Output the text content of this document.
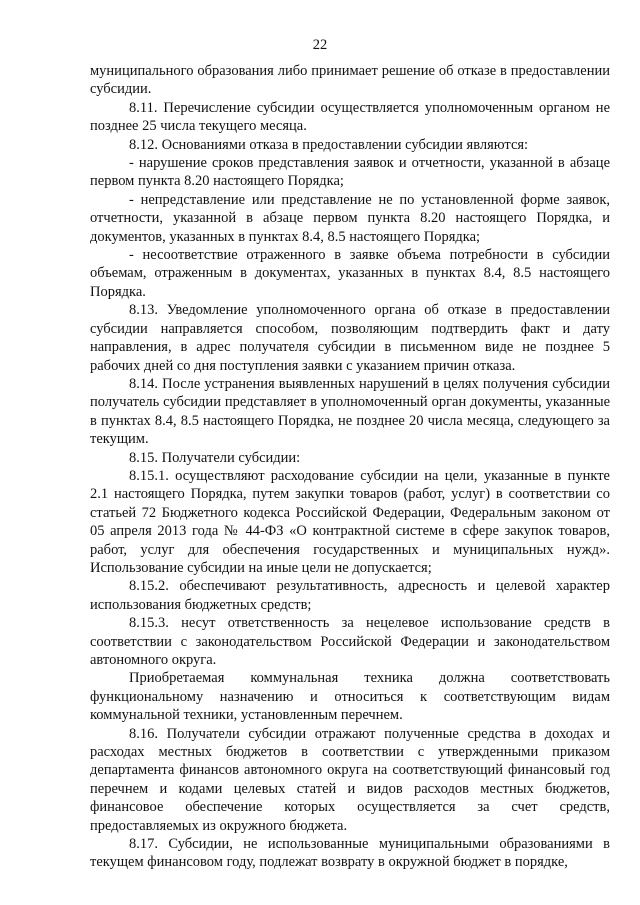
22

муниципального образования либо принимает решение об отказе в предоставлении субсидии.

8.11. Перечисление субсидии осуществляется уполномоченным органом не позднее 25 числа текущего месяца.

8.12. Основаниями отказа в предоставлении субсидии являются:

- нарушение сроков представления заявок и отчетности, указанной в абзаце первом пункта 8.20 настоящего Порядка;

- непредставление или представление не по установленной форме заявок, отчетности, указанной в абзаце первом пункта 8.20 настоящего Порядка, и документов, указанных в пунктах 8.4, 8.5 настоящего Порядка;

- несоответствие отраженного в заявке объема потребности в субсидии объемам, отраженным в документах, указанных в пунктах 8.4, 8.5 настоящего Порядка.

8.13. Уведомление уполномоченного органа об отказе в предоставлении субсидии направляется способом, позволяющим подтвердить факт и дату направления, в адрес получателя субсидии в письменном виде не позднее 5 рабочих дней со дня поступления заявки с указанием причин отказа.

8.14. После устранения выявленных нарушений в целях получения субсидии получатель субсидии представляет в уполномоченный орган документы, указанные в пунктах 8.4, 8.5 настоящего Порядка, не позднее 20 числа месяца, следующего за текущим.

8.15. Получатели субсидии:

8.15.1. осуществляют расходование субсидии на цели, указанные в пункте 2.1 настоящего Порядка, путем закупки товаров (работ, услуг) в соответствии со статьей 72 Бюджетного кодекса Российской Федерации, Федеральным законом от 05 апреля 2013 года № 44-ФЗ «О контрактной системе в сфере закупок товаров, работ, услуг для обеспечения государственных и муниципальных нужд». Использование субсидии на иные цели не допускается;

8.15.2. обеспечивают результативность, адресность и целевой характер использования бюджетных средств;

8.15.3. несут ответственность за нецелевое использование средств в соответствии с законодательством Российской Федерации и законодательством автономного округа.

Приобретаемая коммунальная техника должна соответствовать функциональному назначению и относиться к соответствующим видам коммунальной техники, установленным перечнем.

8.16. Получатели субсидии отражают полученные средства в доходах и расходах местных бюджетов в соответствии с утвержденными приказом департамента финансов автономного округа на соответствующий финансовый год перечнем и кодами целевых статей и видов расходов местных бюджетов, финансовое обеспечение которых осуществляется за счет средств, предоставляемых из окружного бюджета.

8.17. Субсидии, не использованные муниципальными образованиями в текущем финансовом году, подлежат возврату в окружной бюджет в порядке,
